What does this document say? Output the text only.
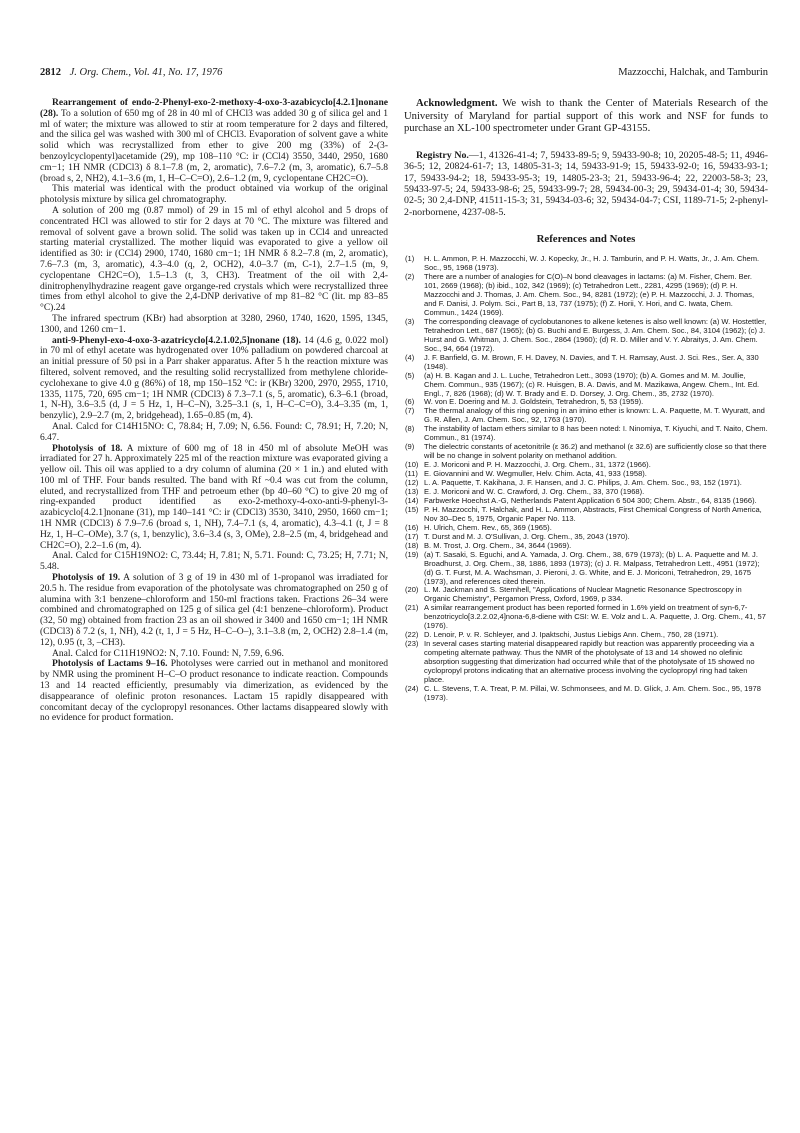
2812 J. Org. Chem., Vol. 41, No. 17, 1976	Mazzocchi, Halchak, and Tamburin

Rearrangement of endo-2-Phenyl-exo-2-methoxy-4-oxo-3-azabicyclo[4.2.1]nonane (28). To a solution of 650 mg of 28 in 40 ml of CHCl3 was added 30 g of silica gel and 1 ml of water; the mixture was allowed to stir at room temperature for 2 days and filtered, and the silica gel was washed with 300 ml of CHCl3. Evaporation of solvent gave a white solid which was recrystallized from ether to give 200 mg (33%) of 2-(3-benzoylcyclopentyl)acetamide (29), mp 108–110 °C: ir (CCl4) 3550, 3440, 2950, 1680 cm−1; 1H NMR (CDCl3) δ 8.1–7.8 (m, 2, aromatic), 7.6–7.2 (m, 3, aromatic), 6.7–5.8 (broad s, 2, NH2), 4.1–3.6 (m, 1, H–C–C=O), 2.6–1.2 (m, 9, cyclopentane CH2C=O).

This material was identical with the product obtained via workup of the original photolysis mixture by silica gel chromatography.

A solution of 200 mg (0.87 mmol) of 29 in 15 ml of ethyl alcohol and 5 drops of concentrated HCl was allowed to stir for 2 days at 70 °C. The mixture was filtered and removal of solvent gave a brown solid. The solid was taken up in CCl4 and unreacted starting material crystallized. The mother liquid was evaporated to give a yellow oil identified as 30: ir (CCl4) 2900, 1740, 1680 cm−1; 1H NMR δ 8.2–7.8 (m, 2, aromatic), 7.6–7.3 (m, 3, aromatic), 4.3–4.0 (q, 2, OCH2), 4.0–3.7 (m, C-1), 2.7–1.5 (m, 9, cyclopentane CH2C=O), 1.5–1.3 (t, 3, CH3). Treatment of the oil with 2,4-dinitrophenylhydrazine reagent gave organge-red crystals which were recrystallized three times from ethyl alcohol to give the 2,4-DNP derivative of mp 81–82 °C (lit. mp 83–85 °C).24

The infrared spectrum (KBr) had absorption at 3280, 2960, 1740, 1620, 1595, 1345, 1300, and 1260 cm−1.

anti-9-Phenyl-exo-4-oxo-3-azatricyclo[4.2.1.02,5]nonane (18). 14 (4.6 g, 0.022 mol) in 70 ml of ethyl acetate was hydrogenated over 10% palladium on powdered charcoal at an initial pressure of 50 psi in a Parr shaker apparatus. After 5 h the reaction mixture was filtered, solvent removed, and the resulting solid recrystallized from methylene chloride-cyclohexane to give 4.0 g (86%) of 18, mp 150–152 °C: ir (KBr) 3200, 2970, 2955, 1710, 1335, 1175, 720, 695 cm−1; 1H NMR (CDCl3) δ 7.3–7.1 (s, 5, aromatic), 6.3–6.1 (broad, 1, N-H), 3.6–3.5 (d, J = 5 Hz, 1, H–C–N), 3.25–3.1 (s, 1, H–C–C=O), 3.4–3.35 (m, 1, benzylic), 2.9–2.7 (m, 2, bridgehead), 1.65–0.85 (m, 4).

Anal. Calcd for C14H15NO: C, 78.84; H, 7.09; N, 6.56. Found: C, 78.91; H, 7.20; N, 6.47.

Photolysis of 18. A mixture of 600 mg of 18 in 450 ml of absolute MeOH was irradiated for 27 h. Approximately 225 ml of the reaction mixture was evaporated giving a yellow oil. This oil was applied to a dry column of alumina (20 × 1 in.) and eluted with 100 ml of THF. Four bands resulted. The band with Rf ~0.4 was cut from the column, eluted, and recrystallized from THF and petroeum ether (bp 40–60 °C) to give 20 mg of ring-expanded product identified as exo-2-methoxy-4-oxo-anti-9-phenyl-3-azabicyclo[4.2.1]nonane (31), mp 140–141 °C: ir (CDCl3) 3530, 3410, 2950, 1660 cm−1; 1H NMR (CDCl3) δ 7.9–7.6 (broad s, 1, NH), 7.4–7.1 (s, 4, aromatic), 4.3–4.1 (t, J = 8 Hz, 1, H–C–OMe), 3.7 (s, 1, benzylic), 3.6–3.4 (s, 3, OMe), 2.8–2.5 (m, 4, bridgehead and CH2C=O), 2.2–1.6 (m, 4).

Anal. Calcd for C15H19NO2: C, 73.44; H, 7.81; N, 5.71. Found: C, 73.25; H, 7.71; N, 5.48.

Photolysis of 19. A solution of 3 g of 19 in 430 ml of 1-propanol was irradiated for 20.5 h. The residue from evaporation of the photolysate was chromatographed on 250 g of alumina with 3:1 benzene–chloroform and 150-ml fractions taken. Fractions 26–34 were combined and chromatographed on 125 g of silica gel (4:1 benzene–chloroform). Product (32, 50 mg) obtained from fraction 23 as an oil showed ir 3400 and 1650 cm−1; 1H NMR (CDCl3) δ 7.2 (s, 1, NH), 4.2 (t, 1, J = 5 Hz, H–C–O–), 3.1–3.8 (m, 2, OCH2) 2.8–1.4 (m, 12), 0.95 (t, 3, –CH3).

Anal. Calcd for C11H19NO2: N, 7.10. Found: N, 7.59, 6.96.

Photolysis of Lactams 9–16. Photolyses were carried out in methanol and monitored by NMR using the prominent H–C–O product resonance to indicate reaction. Compounds 13 and 14 reacted efficiently, presumably via dimerization, as evidenced by the disappearance of olefinic proton resonances. Lactam 15 rapidly disappeared with concomitant decay of the cyclopropyl resonances. Other lactams disappeared slowly with no evidence for product formation.

Acknowledgment. We wish to thank the Center of Materials Research of the University of Maryland for partial support of this work and NSF for funds to purchase an XL-100 spectrometer under Grant GP-43155.

Registry No.—1, 41326-41-4; 7, 59433-89-5; 9, 59433-90-8; 10, 20205-48-5; 11, 4946-36-5; 12, 20824-61-7; 13, 14805-31-3; 14, 59433-91-9; 15, 59433-92-0; 16, 59433-93-1; 17, 59433-94-2; 18, 59433-95-3; 19, 14805-23-3; 21, 59433-96-4; 22, 22003-58-3; 23, 59433-97-5; 24, 59433-98-6; 25, 59433-99-7; 28, 59434-00-3; 29, 59434-01-4; 30, 59434-02-5; 30 2,4-DNP, 41511-15-3; 31, 59434-03-6; 32, 59434-04-7; CSI, 1189-71-5; 2-phenyl-2-norbornene, 4237-08-5.

References and Notes
(1)	H. L. Ammon, P. H. Mazzocchi, W. J. Kopecky, Jr., H. J. Tamburin, and P. H. Watts, Jr., J. Am. Chem. Soc., 95, 1968 (1973).
(2)	There are a number of analogies for C(O)–N bond cleavages in lactams: (a) M. Fisher, Chem. Ber. 101, 2669 (1968); (b) ibid., 102, 342 (1969); (c) Tetrahedron Lett., 2281, 4295 (1969); (d) P. H. Mazzocchi and J. Thomas, J. Am. Chem. Soc., 94, 8281 (1972); (e) P. H. Mazzocchi, J. J. Thomas, and F. Danisi, J. Polym. Sci., Part B, 13, 737 (1975); (f) Z. Horii, Y. Hori, and C. Iwata, Chem. Commun., 1424 (1969).
(3)	The corresponding cleavage of cyclobutanones to alkene ketenes is also well known: (a) W. Hostettler, Tetrahedron Lett., 687 (1965); (b) G. Buchi and E. Burgess, J. Am. Chem. Soc., 84, 3104 (1962); (c) J. Hurst and G. Whitman, J. Chem. Soc., 2864 (1960); (d) R. D. Miller and V. Y. Abraitys, J. Am. Chem. Soc., 94, 664 (1972).
(4)	J. F. Banfield, G. M. Brown, F. H. Davey, N. Davies, and T. H. Ramsay, Aust. J. Sci. Res., Ser. A, 330 (1948).
(5)	(a) H. B. Kagan and J. L. Luche, Tetrahedron Lett., 3093 (1970); (b) A. Gomes and M. M. Joullie, Chem. Commun., 935 (1967); (c) R. Huisgen, B. A. Davis, and M. Mazikawa, Angew. Chem., Int. Ed. Engl., 7, 826 (1968); (d) W. T. Brady and E. D. Dorsey, J. Org. Chem., 35, 2732 (1970).
(6)	W. von E. Doering and M. J. Goldstein, Tetrahedron, 5, 53 (1959).
(7)	The thermal analogy of this ring opening in an imino ether is known: L. A. Paquette, M. T. Wyuratt, and G. R. Allen, J. Am. Chem. Soc., 92, 1763 (1970).
(8)	The instability of lactam ethers similar to 8 has been noted: I. Ninomiya, T. Kiyuchi, and T. Naito, Chem. Commun., 81 (1974).
(9)	The dielectric constants of acetonitrile (ε 36.2) and methanol (ε 32.6) are sufficiently close so that there will be no change in solvent polarity on methanol addition.
(10) E. J. Moriconi and P. H. Mazzocchi, J. Org. Chem., 31, 1372 (1966).
(11) E. Giovannini and W. Wegmuller, Helv. Chim. Acta, 41, 933 (1958).
(12) L. A. Paquette, T. Kakihana, J. F. Hansen, and J. C. Philips, J. Am. Chem. Soc., 93, 152 (1971).
(13) E. J. Moriconi and W. C. Crawford, J. Org. Chem., 33, 370 (1968).
(14) Farbwerke Hoechst A.-G, Netherlands Patent Application 6 504 300; Chem. Abstr., 64, 8135 (1966).
(15) P. H. Mazzocchi, T. Halchak, and H. L. Ammon, Abstracts, First Chemical Congress of North America, Nov 30–Dec 5, 1975, Organic Paper No. 113.
(16) H. Ulrich, Chem. Rev., 65, 369 (1965).
(17) T. Durst and M. J. O'Sullivan, J. Org. Chem., 35, 2043 (1970).
(18) B. M. Trost, J. Org. Chem., 34, 3644 (1969).
(19) (a) T. Sasaki, S. Eguchi, and A. Yamada, J. Org. Chem., 38, 679 (1973); (b) L. A. Paquette and M. J. Broadhurst, J. Org. Chem., 38, 1886, 1893 (1973); (c) J. R. Malpass, Tetrahedron Lett., 4951 (1972); (d) G. T. Furst, M. A. Wachsman, J. Pieroni, J. G. White, and E. J. Moriconi, Tetrahedron, 29, 1675 (1973), and references cited therein.
(20) L. M. Jackman and S. Sternhell, "Applications of Nuclear Magnetic Resonance Spectroscopy in Organic Chemistry", Pergamon Press, Oxford, 1969, p 334.
(21) A similar rearrangement product has been reported formed in 1.6% yield on treatment of syn-6,7-benzotricyclo[3.2.2.02,4]nona-6,8-diene with CSI: W. E. Volz and L. A. Paquette, J. Org. Chem., 41, 57 (1976).
(22) D. Lenoir, P. v. R. Schleyer, and J. Ipaktschi, Justus Liebigs Ann. Chem., 750, 28 (1971).
(23) In several cases starting material disappeared rapidly but reaction was apparently proceeding via a competing alternate pathway. Thus the NMR of the photolysate of 13 and 14 showed no olefinic absorption suggesting that dimerization had occurred while that of the photolysate of 15 showed no cyclopropyl protons indicating that an alternative process involving the cyclopropyl ring had taken place.
(24) C. L. Stevens, T. A. Treat, P. M. Pillai, W. Schmonsees, and M. D. Glick, J. Am. Chem. Soc., 95, 1978 (1973).
